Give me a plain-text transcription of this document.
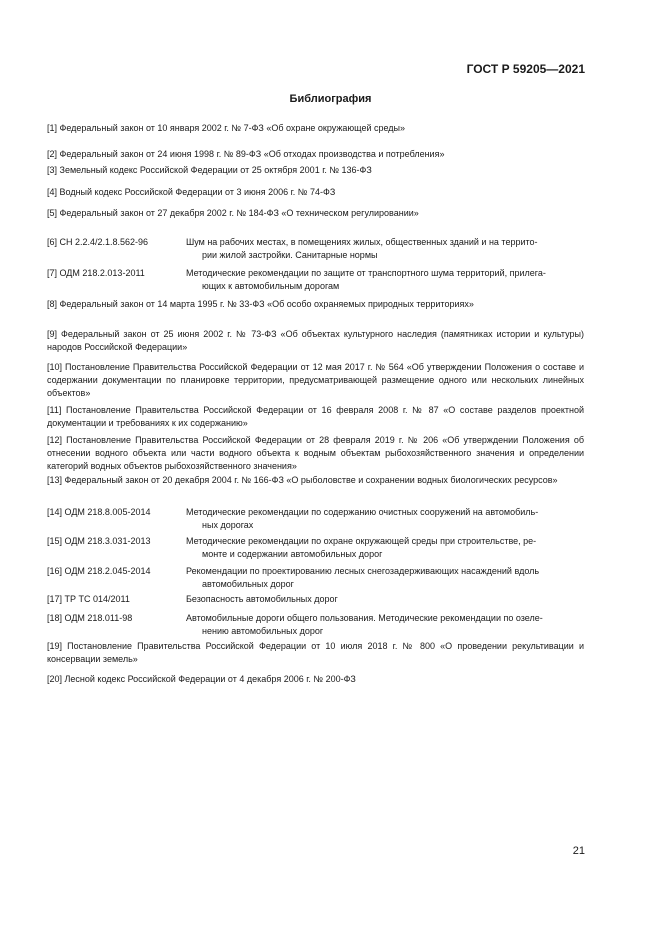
ГОСТ Р 59205—2021
Библиография
[1] Федеральный закон от 10 января 2002 г. № 7-ФЗ «Об охране окружающей среды»
[2] Федеральный закон от 24 июня 1998 г. № 89-ФЗ «Об отходах производства и потребления»
[3] Земельный кодекс Российской Федерации от 25 октября 2001 г. № 136-ФЗ
[4] Водный кодекс Российской Федерации от 3 июня 2006 г. № 74-ФЗ
[5] Федеральный закон от 27 декабря 2002 г. № 184-ФЗ «О техническом регулировании»
[6] СН 2.2.4/2.1.8.562-96	Шум на рабочих местах, в помещениях жилых, общественных зданий и на террито-
рии жилой застройки. Санитарные нормы
[7] ОДМ 218.2.013-2011	Методические рекомендации по защите от транспортного шума территорий, прилега-
ющих к автомобильным дорогам
[8] Федеральный закон от 14 марта 1995 г. № 33-ФЗ «Об особо охраняемых природных территориях»
[9] Федеральный закон от 25 июня 2002 г. № 73-ФЗ «Об объектах культурного наследия (памятниках истории и культуры) народов Российской Федерации»
[10] Постановление Правительства Российской Федерации от 12 мая 2017 г. № 564 «Об утверждении Положения о составе и содержании документации по планировке территории, предусматривающей размещение одного или нескольких линейных объектов»
[11] Постановление Правительства Российской Федерации от 16 февраля 2008 г. № 87 «О составе разделов проектной документации и требованиях к их содержанию»
[12] Постановление Правительства Российской Федерации от 28 февраля 2019 г. № 206 «Об утверждении Положения об отнесении водного объекта или части водного объекта к водным объектам рыбохозяйственного значения и определении категорий водных объектов рыбохозяйственного значения»
[13] Федеральный закон от 20 декабря 2004 г. № 166-ФЗ «О рыболовстве и сохранении водных биологических ресурсов»
[14] ОДМ 218.8.005-2014	Методические рекомендации по содержанию очистных сооружений на автомобиль-
ных дорогах
[15] ОДМ 218.3.031-2013	Методические рекомендации по охране окружающей среды при строительстве, ре-
монте и содержании автомобильных дорог
[16] ОДМ 218.2.045-2014	Рекомендации по проектированию лесных снегозадерживающих насаждений вдоль
автомобильных дорог
[17] ТР ТС 014/2011	Безопасность автомобильных дорог
[18] ОДМ 218.011-98	Автомобильные дороги общего пользования. Методические рекомендации по озеле-
нению автомобильных дорог
[19] Постановление Правительства Российской Федерации от 10 июля 2018 г. № 800 «О проведении рекультивации и консервации земель»
[20] Лесной кодекс Российской Федерации от 4 декабря 2006 г. № 200-ФЗ
21
